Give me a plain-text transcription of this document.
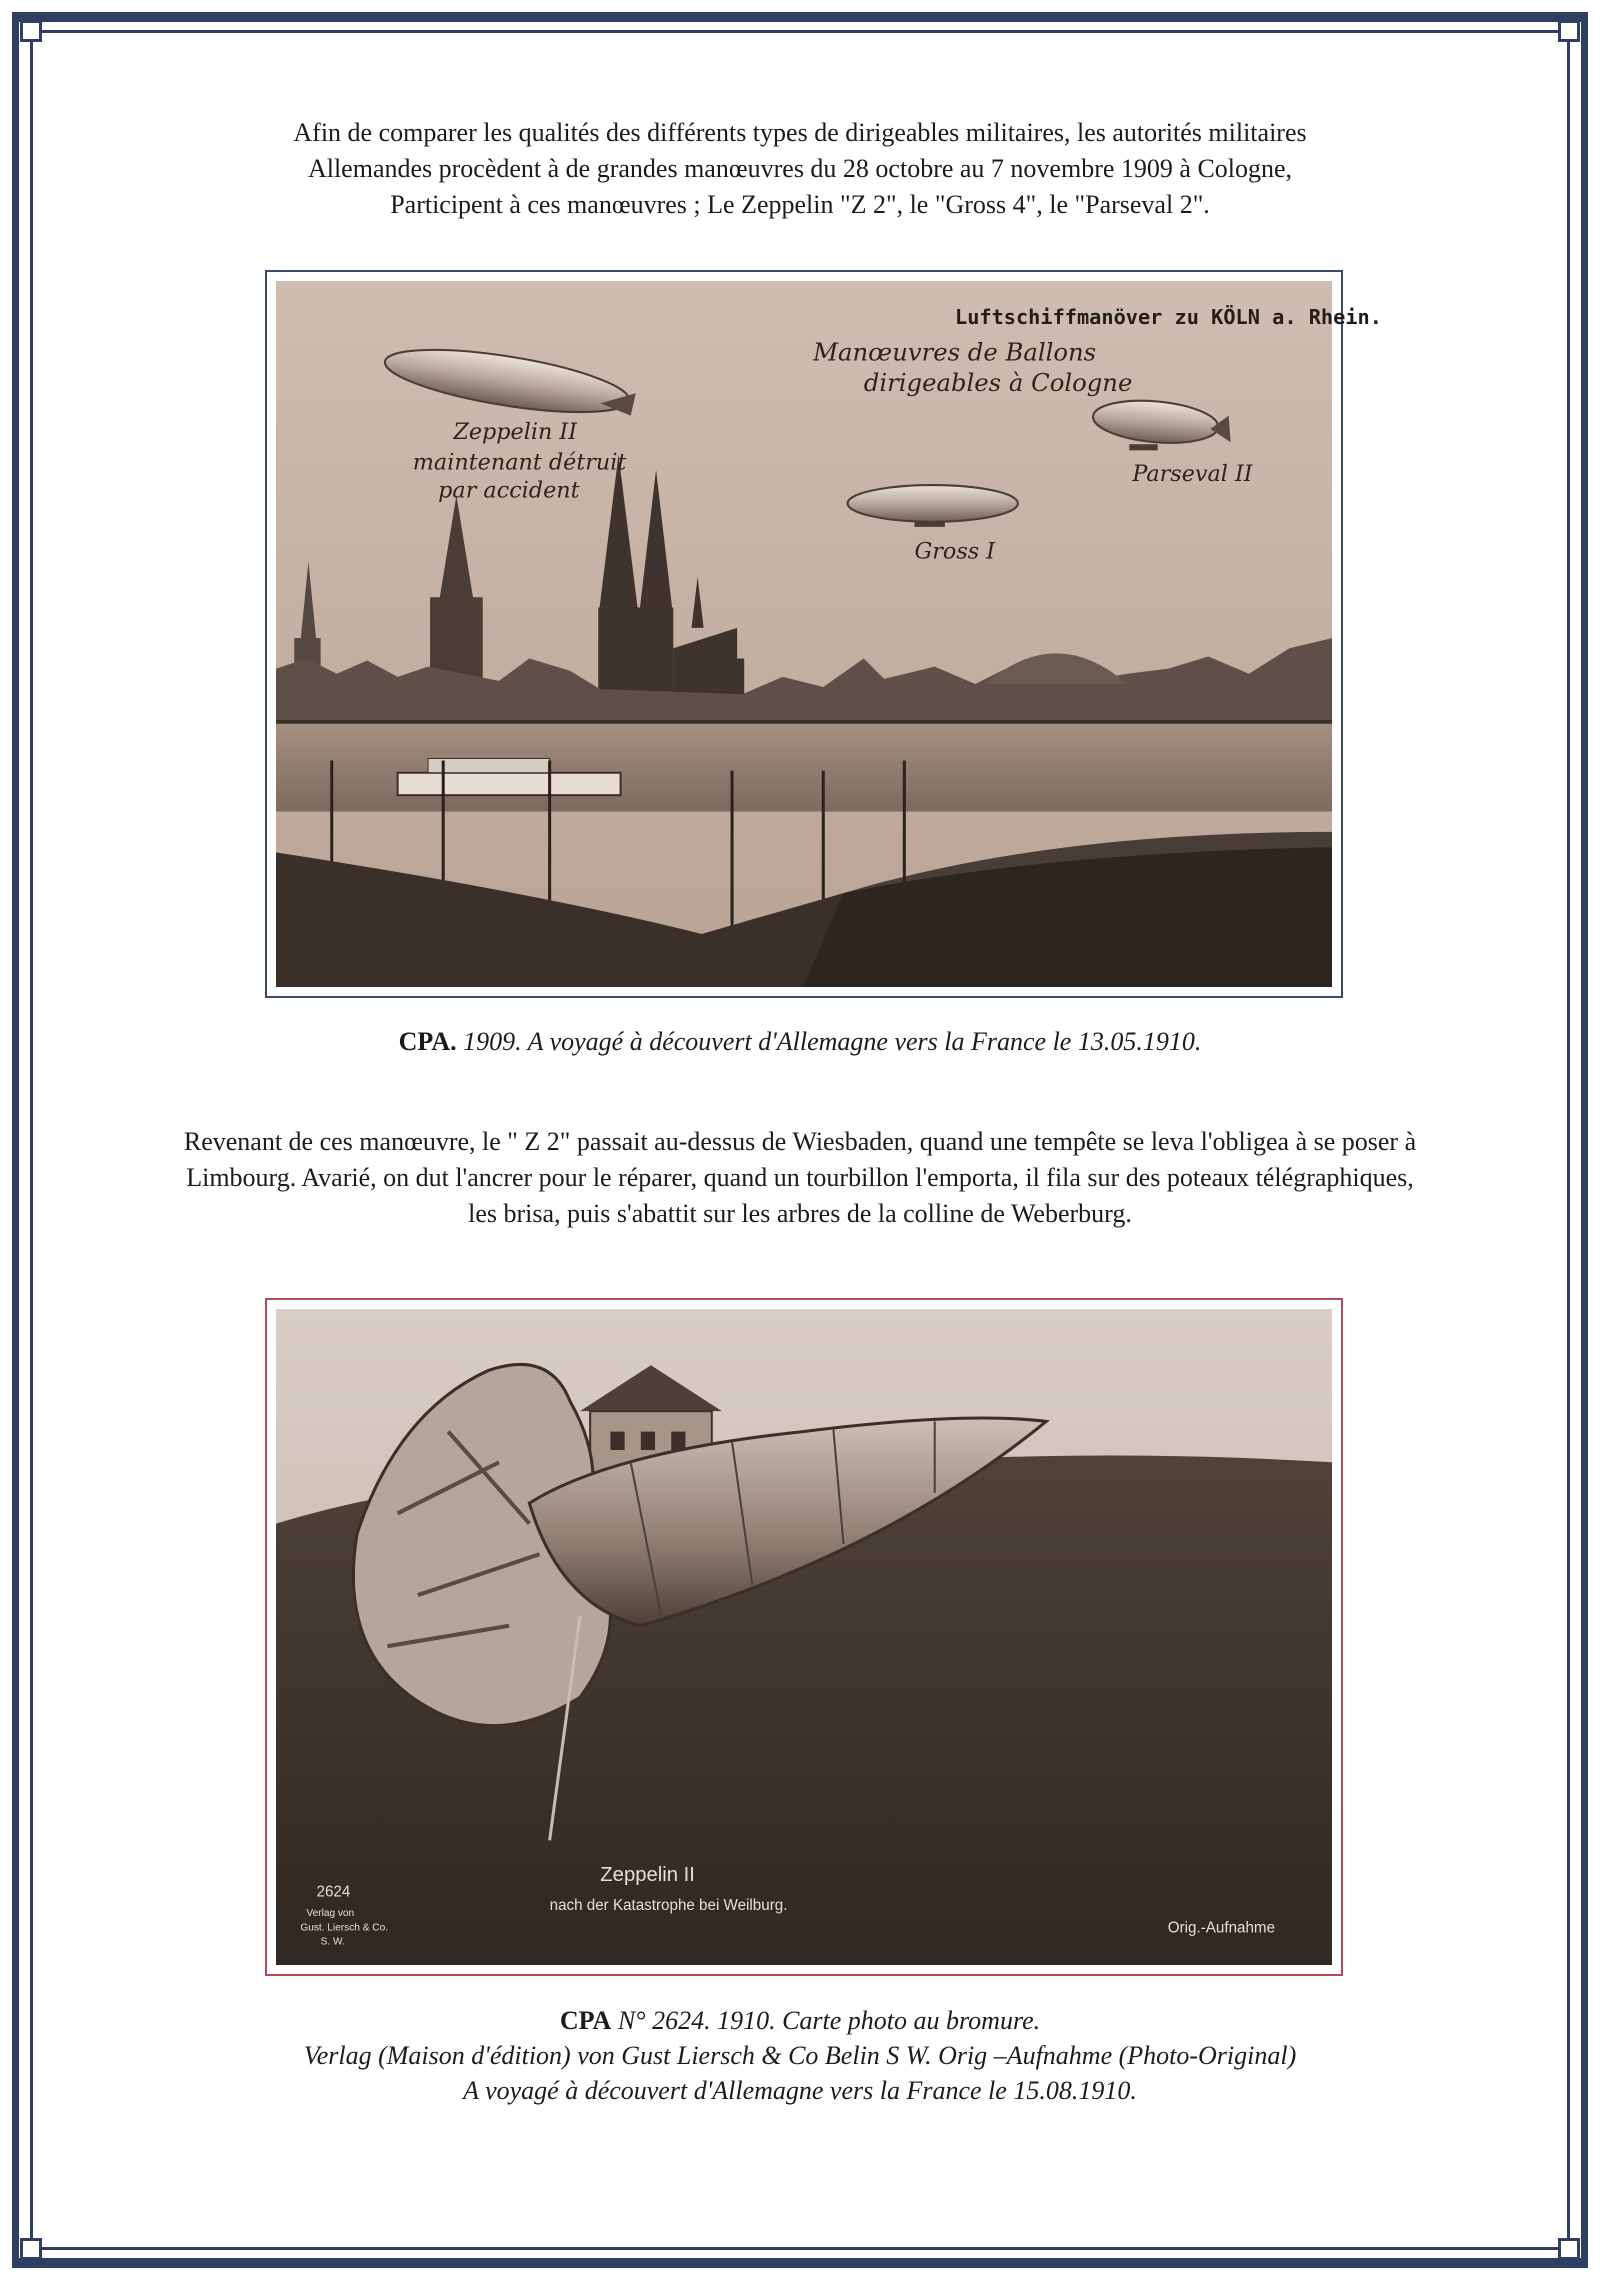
Afin de comparer les qualités des différents types de dirigeables militaires, les autorités militaires
Allemandes procèdent à de grandes manœuvres du 28 octobre au 7 novembre 1909 à Cologne,
Participent à ces manœuvres ; Le Zeppelin "Z 2", le "Gross 4", le "Parseval 2".
Luftschiffmanöver zu KÖLN a. Rhein.
Manœuvres de Ballons
dirigeables à Cologne
Zeppelin II
maintenant détruit
par accident
Parseval II
Gross I
CPA. 1909. A voyagé à découvert d'Allemagne vers la France le 13.05.1910.
Revenant de ces manœuvre, le " Z 2" passait au-dessus de Wiesbaden, quand une tempête se leva l'obligea à se poser à
Limbourg. Avarié, on dut l'ancrer pour le réparer, quand un tourbillon l'emporta, il fila sur des poteaux télégraphiques,
les brisa, puis s'abattit sur les arbres de la colline de Weberburg.
Zeppelin II
nach der Katastrophe bei Weilburg.
2624
Verlag von
Gust. Liersch & Co.
S. W.
Orig.-Aufnahme
CPA N° 2624. 1910. Carte photo au bromure.
Verlag (Maison d'édition) von Gust Liersch & Co Belin S W. Orig –Aufnahme (Photo-Original)
A voyagé à découvert d'Allemagne vers la France le 15.08.1910.
